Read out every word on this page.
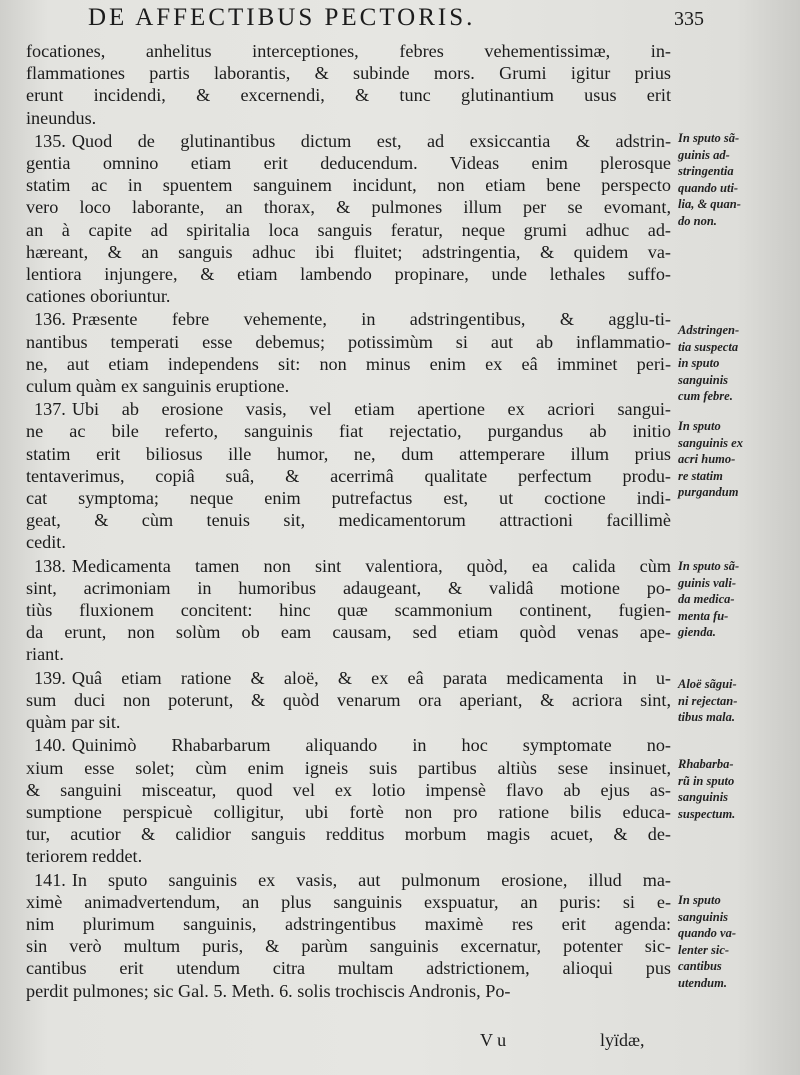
DE AFFECTIBUS PECTORIS.	335
focationes, anhelitus interceptiones, febres vehementissimæ, in-
flammationes partis laborantis, & subinde mors. Grumi igitur prius
erunt incidendi, & excernendi, & tunc glutinantium usus erit
ineundus.
135. Quod de glutinantibus dictum est, ad exsiccantia & adstrin-
gentia omnino etiam erit deducendum. Videas enim plerosque
statim ac in spuentem sanguinem incidunt, non etiam bene perspecto
vero loco laborante, an thorax, & pulmones illum per se evomant,
an à capite ad spiritalia loca sanguis feratur, neque grumi adhuc ad-
hæreant, & an sanguis adhuc ibi fluitet; adstringentia, & quidem va-
lentiora injungere, & etiam lambendo propinare, unde lethales suffo-
cationes oboriuntur.
136. Præsente febre vehemente, in adstringentibus, & agglu-ti-
nantibus temperati esse debemus; potissimùm si aut ab inflammatio-
ne, aut etiam independens sit: non minus enim ex eâ imminet peri-
culum quàm ex sanguinis eruptione.
137. Ubi ab erosione vasis, vel etiam apertione ex acriori sangui-
ne ac bile referto, sanguinis fiat rejectatio, purgandus ab initio
statim erit biliosus ille humor, ne, dum attemperare illum prius
tentaverimus, copiâ suâ, & acerrimâ qualitate perfectum produ-
cat symptoma; neque enim putrefactus est, ut coctione indi-
geat, & cùm tenuis sit, medicamentorum attractioni facillimè
cedit.
138. Medicamenta tamen non sint valentiora, quòd, ea calida cùm
sint, acrimoniam in humoribus adaugeant, & validâ motione po-
tiùs fluxionem concitent: hinc quæ scammonium continent, fugien-
da erunt, non solùm ob eam causam, sed etiam quòd venas ape-
riant.
139. Quâ etiam ratione & aloë, & ex eâ parata medicamenta in u-
sum duci non poterunt, & quòd venarum ora aperiant, & acriora sint,
quàm par sit.
140. Quinimò Rhabarbarum aliquando in hoc symptomate no-
xium esse solet; cùm enim igneis suis partibus altiùs sese insinuet,
& sanguini misceatur, quod vel ex lotio impensè flavo ab ejus as-
sumptione perspicuè colligitur, ubi fortè non pro ratione bilis educa-
tur, acutior & calidior sanguis redditus morbum magis acuet, & de-
teriorem reddet.
141. In sputo sanguinis ex vasis, aut pulmonum erosione, illud ma-
ximè animadvertendum, an plus sanguinis exspuatur, an puris: si e-
nim plurimum sanguinis, adstringentibus maximè res erit agenda:
sin verò multum puris, & parùm sanguinis excernatur, potenter sic-
cantibus erit utendum citra multam adstrictionem, alioqui pus
perdit pulmones; sic Gal. 5. Meth. 6. solis trochiscis Andronis, Po-
In sputo sã-
guinis ad-
stringentia
quando uti-
lia, & quan-
do non.
Adstringen-
tia suspecta
in sputo
sanguinis
cum febre.
In sputo
sanguinis ex
acri humo-
re statim
purgandum
In sputo sã-
guinis vali-
da medica-
menta fu-
gienda.
Aloë sãgui-
ni rejectan-
tibus mala.
Rhabarba-
rũ in sputo
sanguinis
suspectum.
In sputo
sanguinis
quando va-
lenter sic-
cantibus
utendum.
V u	lyïdæ,
